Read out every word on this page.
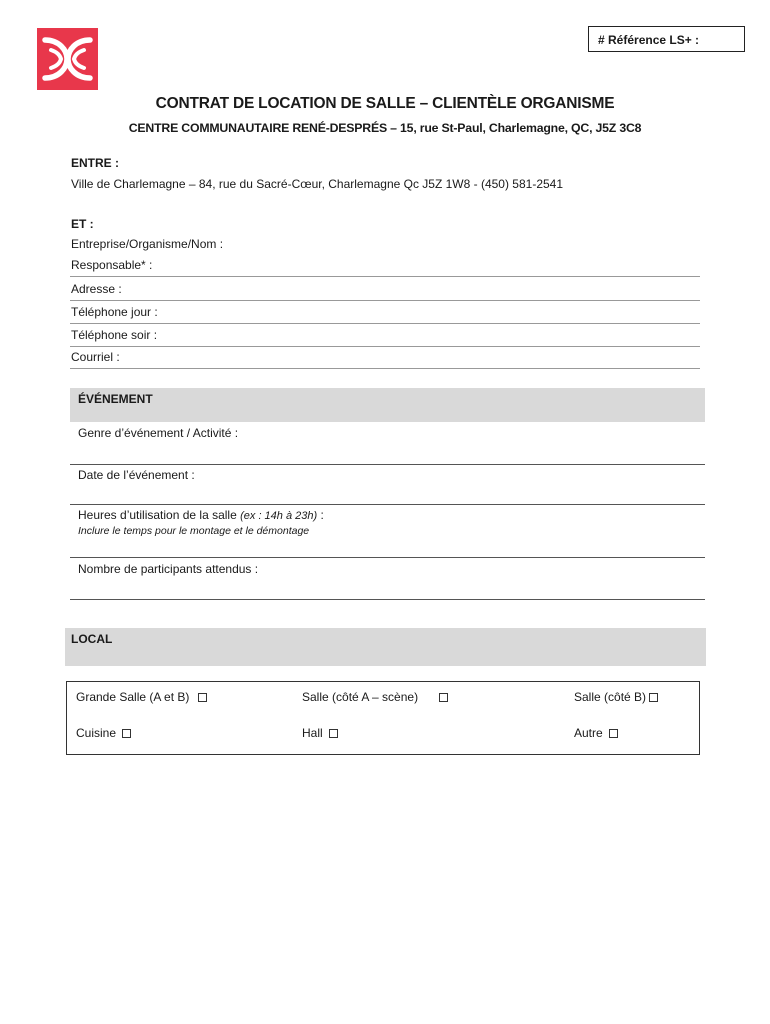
# Référence LS+ :
CONTRAT DE LOCATION DE SALLE – CLIENTÈLE ORGANISME
CENTRE COMMUNAUTAIRE RENÉ-DESPRÉS – 15, rue St-Paul, Charlemagne, QC, J5Z 3C8
ENTRE :
Ville de Charlemagne – 84, rue du Sacré-Cœur, Charlemagne Qc J5Z 1W8 - (450) 581-2541
ET :
Entreprise/Organisme/Nom :
Responsable* :
Adresse :
Téléphone jour :
Téléphone soir :
Courriel :
ÉVÉNEMENT
Genre d’événement / Activité :
Date de l’événement :
Heures d’utilisation de la salle (ex : 14h à 23h) :
Inclure le temps pour le montage et le démontage
Nombre de participants attendus :
LOCAL
Grande Salle (A et B)	Salle (côté A – scène)	Salle (côté B)
Cuisine	Hall	Autre
